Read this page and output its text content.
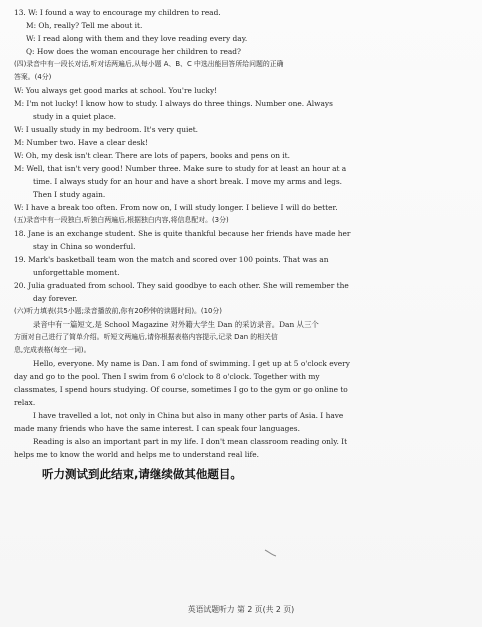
13. W: I found a way to encourage my children to read.
M: Oh, really? Tell me about it.
W: I read along with them and they love reading every day.
Q: How does the woman encourage her children to read?
(四)录音中有一段长对话,听对话两遍后,从每小题 A、B、C 中选出能回答所给问题的正确
答案。(4分)
W: You always get good marks at school. You're lucky!
M: I'm not lucky! I know how to study. I always do three things. Number one. Always
study in a quiet place.
W: I usually study in my bedroom. It's very quiet.
M: Number two. Have a clear desk!
W: Oh, my desk isn't clear. There are lots of papers, books and pens on it.
M: Well, that isn't very good! Number three. Make sure to study for at least an hour at a
time. I always study for an hour and have a short break. I move my arms and legs.
Then I study again.
W: I have a break too often. From now on, I will study longer. I believe I will do better.
(五)录音中有一段独白,听独白两遍后,根据独白内容,将信息配对。(3分)
18. Jane is an exchange student. She is quite thankful because her friends have made her
stay in China so wonderful.
19. Mark's basketball team won the match and scored over 100 points. That was an
unforgettable moment.
20. Julia graduated from school. They said goodbye to each other. She will remember the
day forever.
(六)听力填表(共5小题;录音播放前,你有20秒钟的读题时间)。(10分)
录音中有一篇短文,是 School Magazine 对外籍大学生 Dan 的采访录音。Dan 从三个
方面对自己进行了简单介绍。听短文两遍后,请你根据表格内容提示,记录 Dan 的相关信
息,完成表格(每空一词)。
Hello, everyone. My name is Dan. I am fond of swimming. I get up at 5 o'clock every
day and go to the pool. Then I swim from 6 o'clock to 8 o'clock. Together with my
classmates, I spend hours studying. Of course, sometimes I go to the gym or go online to
relax.
I have travelled a lot, not only in China but also in many other parts of Asia. I have
made many friends who have the same interest. I can speak four languages.
Reading is also an important part in my life. I don't mean classroom reading only. It
helps me to know the world and helps me to understand real life.
听力测试到此结束,请继续做其他题目。
英语试题听力 第 2 页(共 2 页)
